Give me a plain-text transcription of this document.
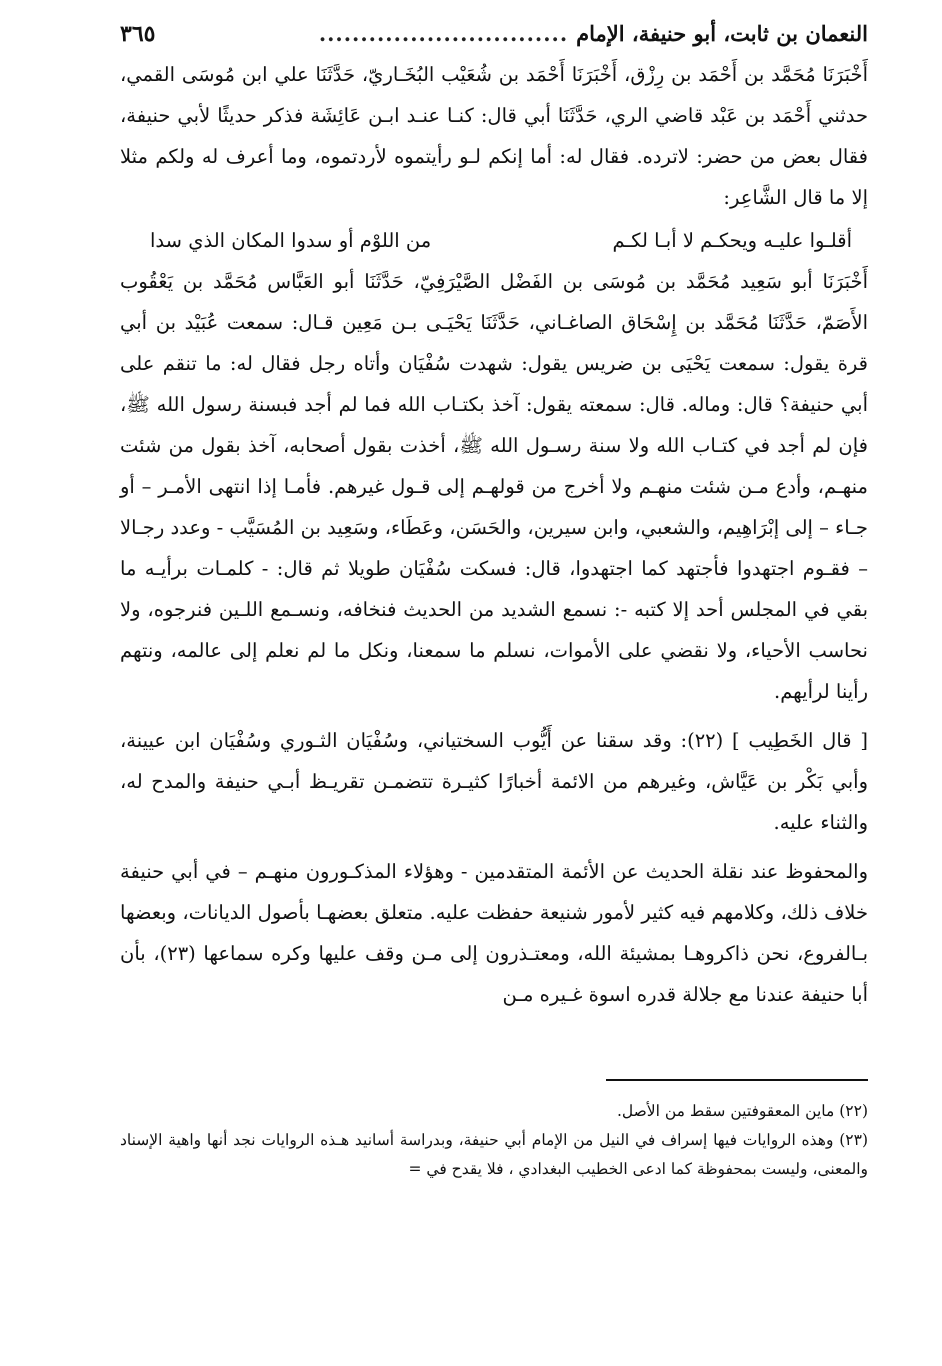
النعمان بن ثابت، أبو حنيفة، الإمام
..............................
٣٦٥

أَخْبَرَنَا مُحَمَّد بن أَحْمَد بن رِزْق، أَخْبَرَنَا أَحْمَد بن شُعَيْب البُخَـاريّ، حَدَّثَنَا علي ابن مُوسَى القمي، حدثني أَحْمَد بن عَبْد قاضي الري، حَدَّثَنَا أبي قال: كنـا عنـد ابـن عَائِشَة فذكر حديثًا لأبي حنيفة، فقال بعض من حضر: لاترده. فقال له: أما إنكم لـو رأيتموه لأردتموه، وما أعرف له ولكم مثلا إلا ما قال الشَّاعِر:

أقلـوا عليـه ويحكـم لا أبـا لكـم
من اللوْم أو سدوا المكان الذي سدا

أَخْبَرَنَا أبو سَعِيد مُحَمَّد بن مُوسَى بن الفَضْل الصَّيْرَفِيّ، حَدَّثَنَا أبو العَبَّاس مُحَمَّد بن يَعْقُوب الأَصَمّ، حَدَّثَنَا مُحَمَّد بن إِسْحَاق الصاغـاني، حَدَّثَنَا يَحْيَـى بـن مَعِين قـال: سمعت عُبَيْد بن أبي قرة يقول: سمعت يَحْيَى بن ضريس يقول: شهدت سُفْيَان وأتاه رجل فقال له: ما تنقم على أبي حنيفة؟ قال: وماله. قال: سمعته يقول: آخذ بكتـاب الله فما لم أجد فبسنة رسول الله ﷺ، فإن لم أجد في كتـاب الله ولا سنة رسـول الله ﷺ، أخذت بقول أصحابه، آخذ بقول من شئت منهـم، وأدع مـن شئت منهـم ولا أخرج من قولهـم إلى قـول غيرهم. فأمـا إذا انتهى الأمـر – أو جـاء – إلى إبْرَاهِيم، والشعبي، وابن سيرين، والحَسَن، وعَطَاء، وسَعِيد بن المُسَيَّب - وعدد رجـالا – فقـوم اجتهدوا فأجتهد كما اجتهدوا، قال: فسكت سُفْيَان طويلا ثم قال: - كلمـات برأيـه ما بقي في المجلس أحد إلا كتبه -: نسمع الشديد من الحديث فنخافه، ونسـمع اللـين فنرجوه، ولا نحاسب الأحياء، ولا نقضي على الأموات، نسلم ما سمعنا، ونكل ما لم نعلم إلى عالمه، ونتهم رأينا لرأيهم.

[ قال الخَطِيب ] (٢٢): وقد سقنا عن أَيُّوب السختياني، وسُفْيَان الثـوري وسُفْيَان ابن عيينة، وأبي بَكْر بن عَيَّاش، وغيرهم من الائمة أخبارًا كثيـرة تتضمـن تقريـظ أبـي حنيفة والمدح له، والثناء عليه.

والمحفوظ عند نقلة الحديث عن الأئمة المتقدمين - وهؤلاء المذكـورون منهـم – في أبي حنيفة خلاف ذلك، وكلامهم فيه كثير لأمور شنيعة حفظت عليه. متعلق بعضهـا بأصول الديانات، وبعضها بـالفروع، نحن ذاكروهـا بمشيئة الله، ومعتـذرون إلى مـن وقف عليها وكره سماعها (٢٣)، بأن أبا حنيفة عندنا مع جلالة قدره اسوة غـيره مـن

(٢٢) ماين المعقوفتين سقط من الأصل.

(٢٣) وهذه الروايات فيها إسراف في النيل من الإمام أبي حنيفة، وبدراسة أسانيد هـذه الروايات نجد أنها واهية الإسناد والمعنى، وليست بمحفوظة كما ادعى الخطيب البغدادي ، فلا يقدح في =
